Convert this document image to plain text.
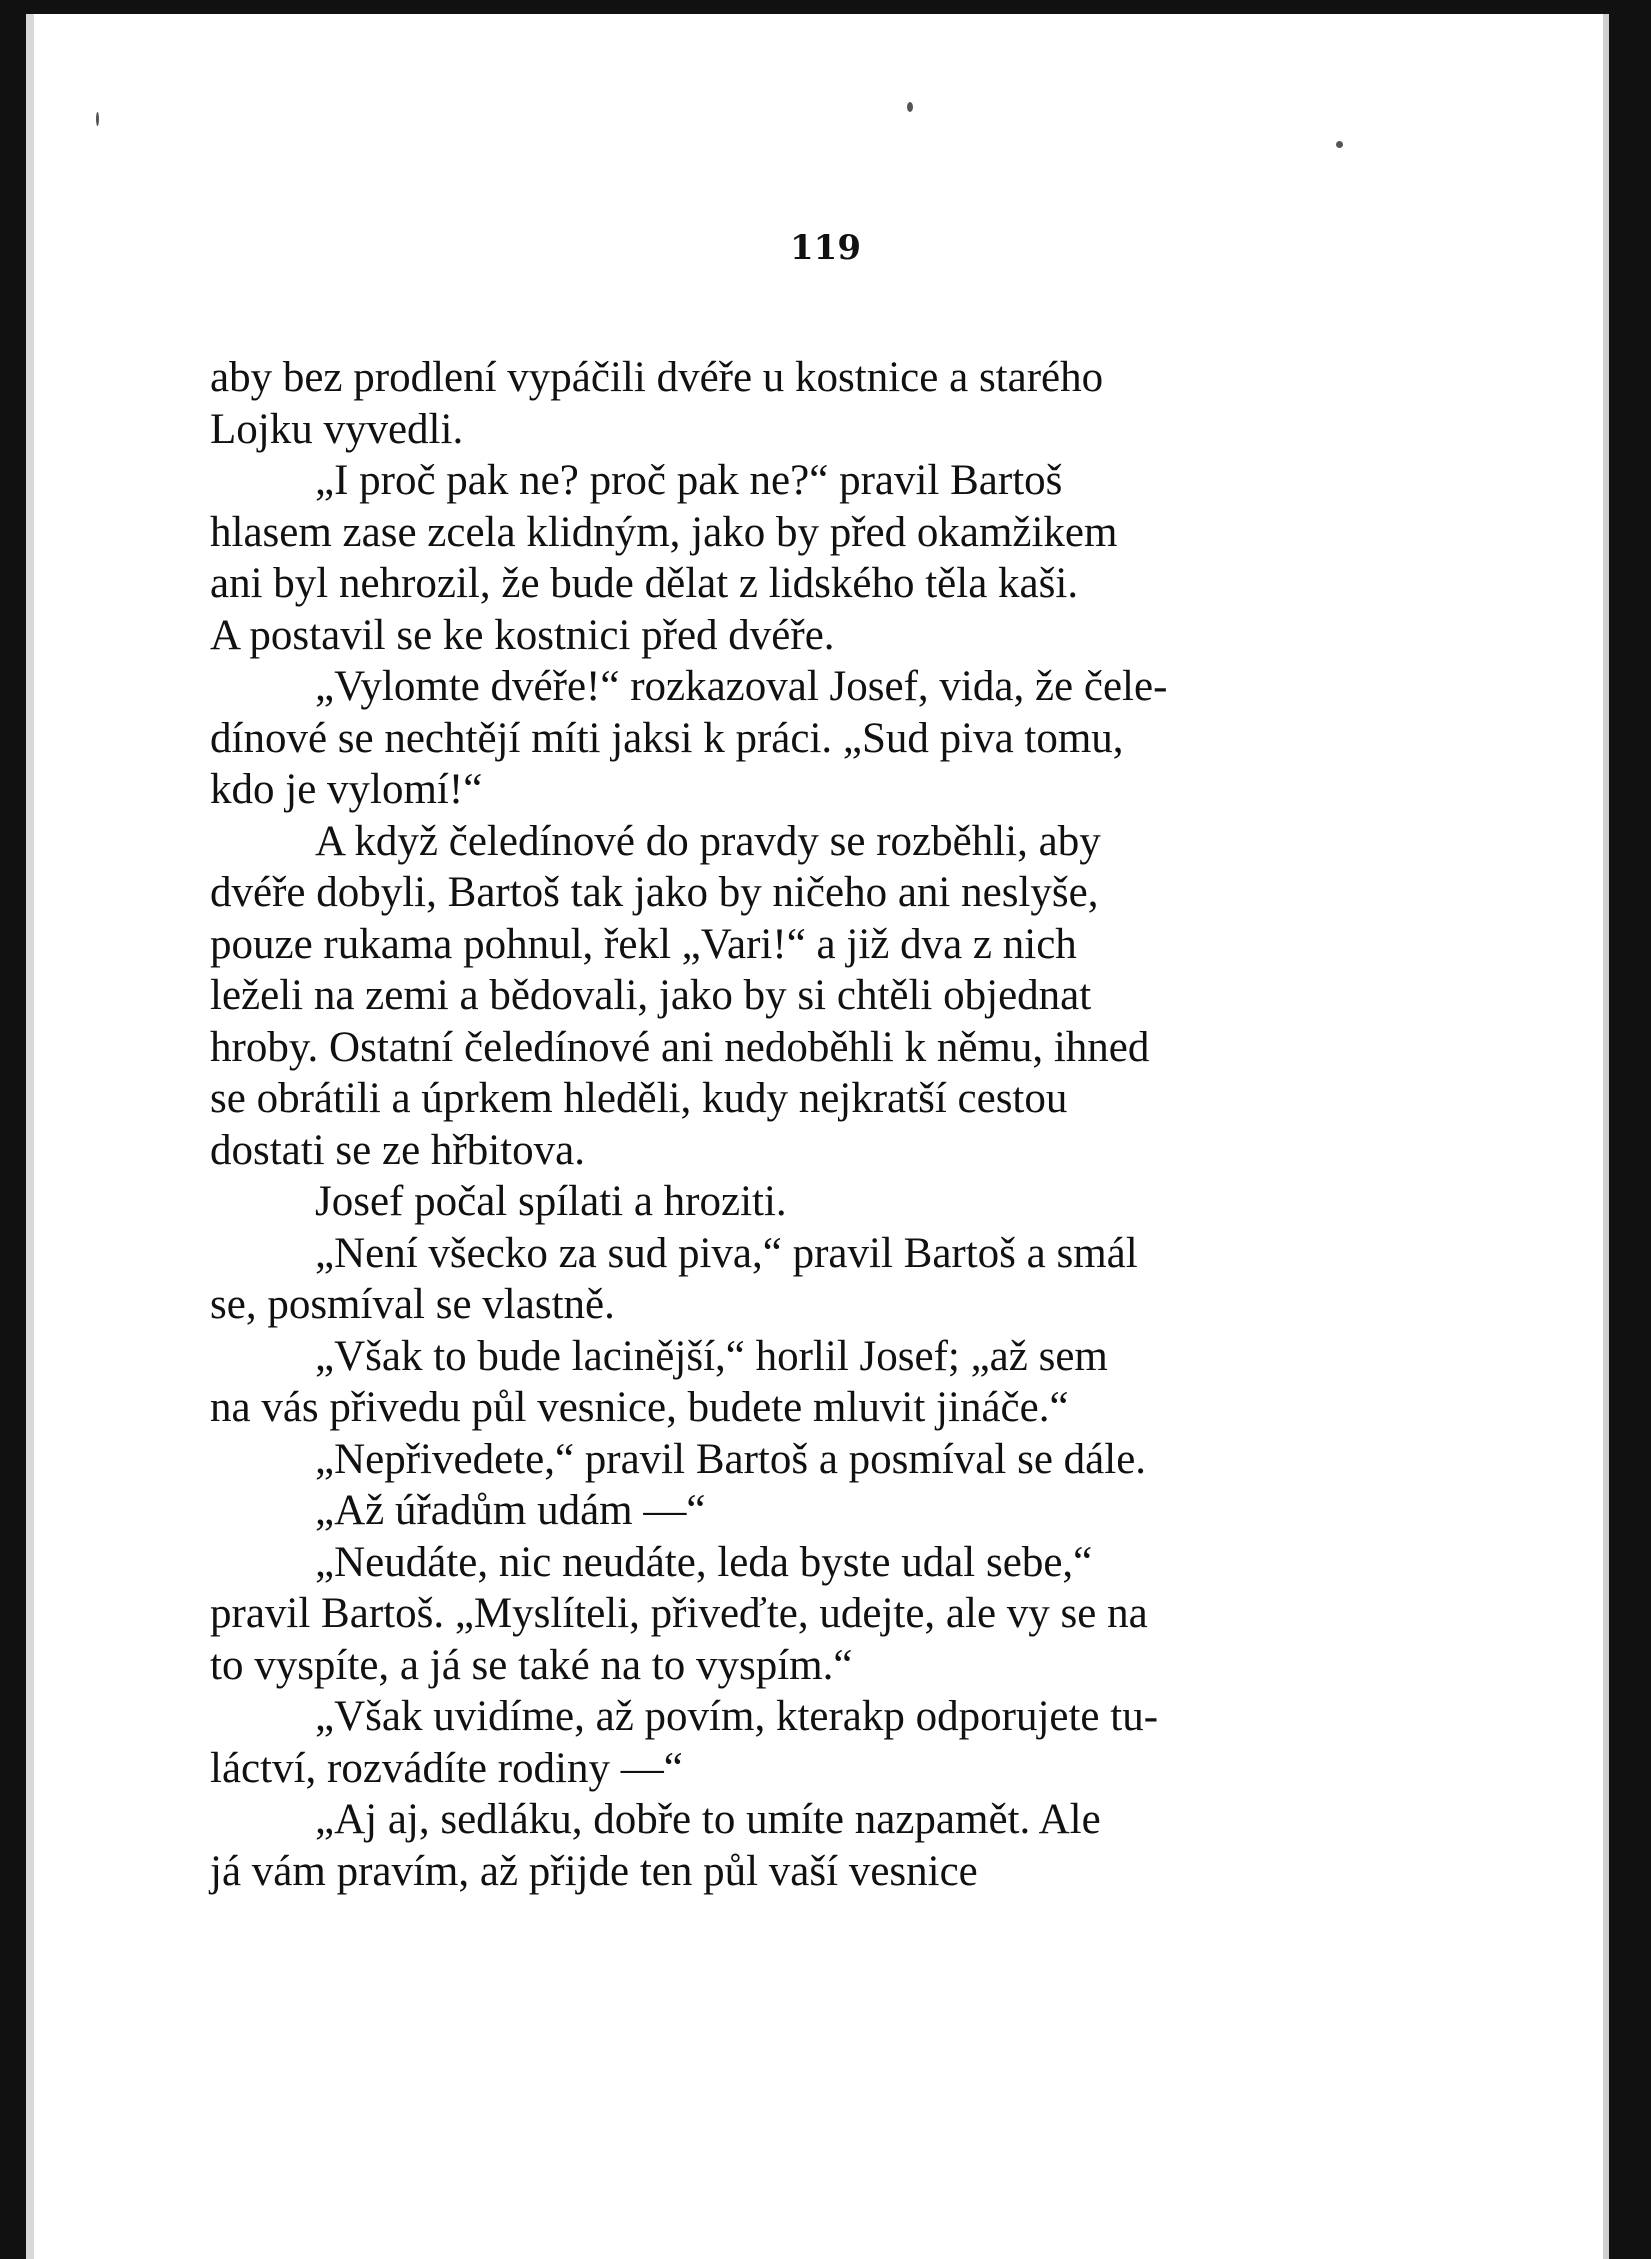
119

aby bez prodlení vypáčili dvéře u kostnice a starého
Lojku vyvedli.

„I proč pak ne? proč pak ne?“ pravil Bartoš
hlasem zase zcela klidným, jako by před okamžikem
ani byl nehrozil, že bude dělat z lidského těla kaši.
A postavil se ke kostnici před dvéře.

„Vylomte dvéře!“ rozkazoval Josef, vida, že čele-
dínové se nechtějí míti jaksi k práci. „Sud piva tomu,
kdo je vylomí!“

A když čeledínové do pravdy se rozběhli, aby
dvéře dobyli, Bartoš tak jako by ničeho ani neslyše,
pouze rukama pohnul, řekl „Vari!“ a již dva z nich
leželi na zemi a bědovali, jako by si chtěli objednat
hroby. Ostatní čeledínové ani nedoběhli k němu, ihned
se obrátili a úprkem hleděli, kudy nejkratší cestou
dostati se ze hřbitova.

Josef počal spílati a hroziti.

„Není všecko za sud piva,“ pravil Bartoš a smál
se, posmíval se vlastně.

„Však to bude lacinější,“ horlil Josef; „až sem
na vás přivedu půl vesnice, budete mluvit jináče.“

„Nepřivedete,“ pravil Bartoš a posmíval se dále.

„Až úřadům udám —“

„Neudáte, nic neudáte, leda byste udal sebe,“
pravil Bartoš. „Myslíteli, přiveďte, udejte, ale vy se na
to vyspíte, a já se také na to vyspím.“

„Však uvidíme, až povím, kterakp odporujete tu-
láctví, rozvádíte rodiny —“

„Aj aj, sedláku, dobře to umíte nazpamět. Ale
já vám pravím, až přijde ten půl vaší vesnice
